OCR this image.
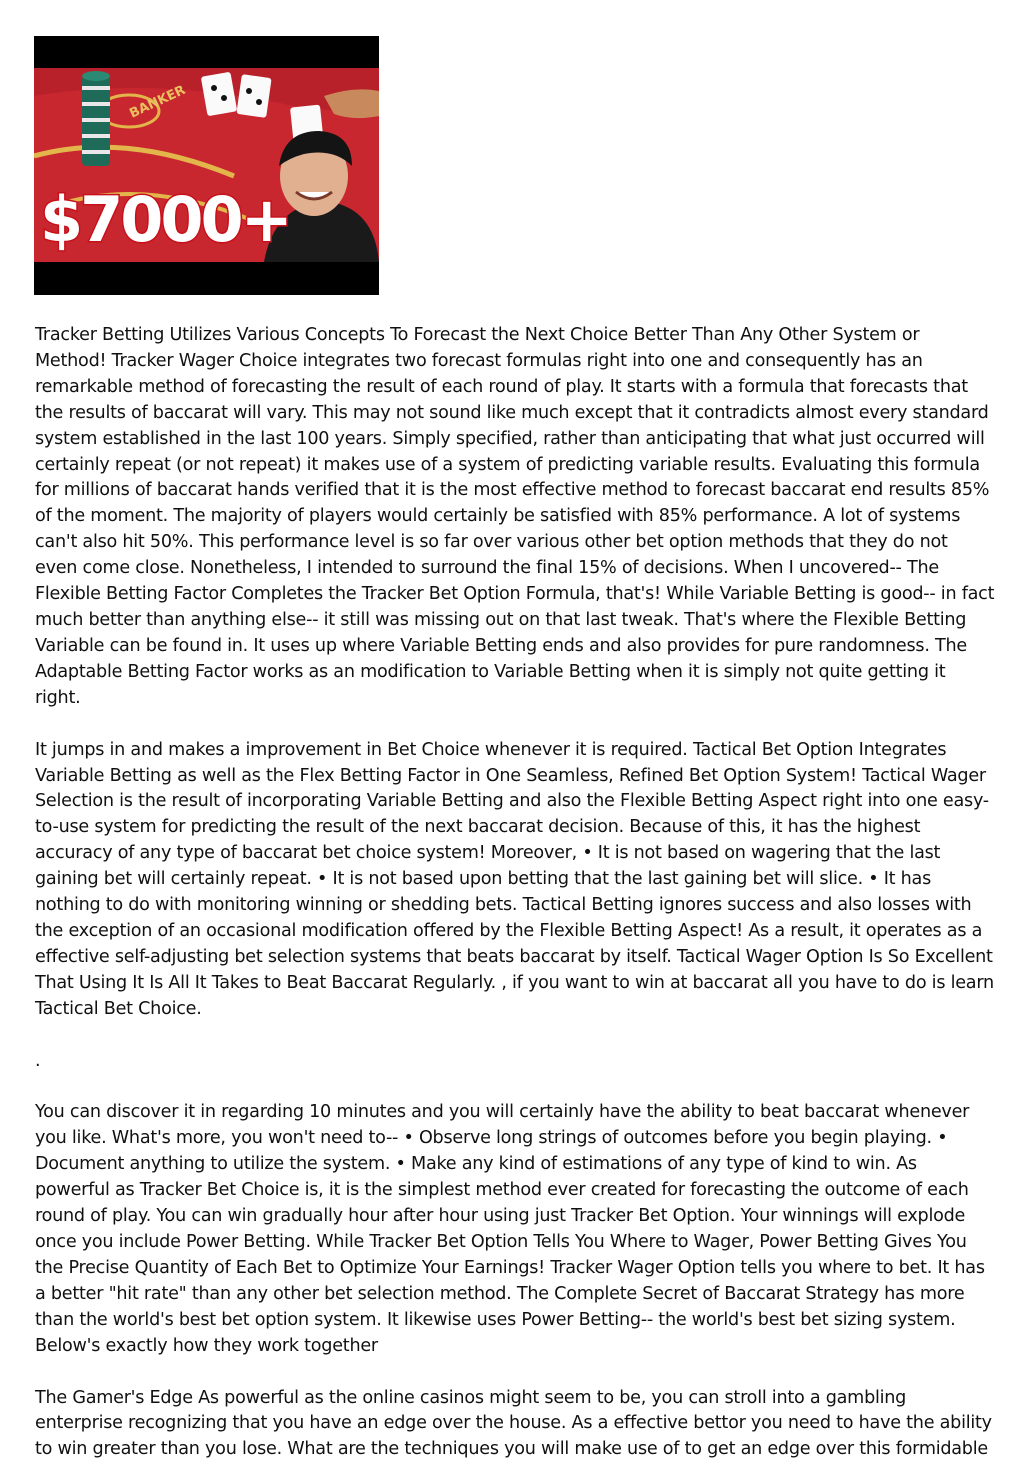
BANKER
$7000+

Tracker Betting Utilizes Various Concepts To Forecast the Next Choice Better Than Any Other System or Method! Tracker Wager Choice integrates two forecast formulas right into one and consequently has an remarkable method of forecasting the result of each round of play. It starts with a formula that forecasts that the results of baccarat will vary. This may not sound like much except that it contradicts almost every standard system established in the last 100 years. Simply specified, rather than anticipating that what just occurred will certainly repeat (or not repeat) it makes use of a system of predicting variable results. Evaluating this formula for millions of baccarat hands verified that it is the most effective method to forecast baccarat end results 85% of the moment. The majority of players would certainly be satisfied with 85% performance. A lot of systems can't also hit 50%. This performance level is so far over various other bet option methods that they do not even come close. Nonetheless, I intended to surround the final 15% of decisions. When I uncovered-- The Flexible Betting Factor Completes the Tracker Bet Option Formula, that's! While Variable Betting is good-- in fact much better than anything else-- it still was missing out on that last tweak. That's where the Flexible Betting Variable can be found in. It uses up where Variable Betting ends and also provides for pure randomness. The Adaptable Betting Factor works as an modification to Variable Betting when it is simply not quite getting it right.

It jumps in and makes a improvement in Bet Choice whenever it is required. Tactical Bet Option Integrates Variable Betting as well as the Flex Betting Factor in One Seamless, Refined Bet Option System! Tactical Wager Selection is the result of incorporating Variable Betting and also the Flexible Betting Aspect right into one easy-to-use system for predicting the result of the next baccarat decision. Because of this, it has the highest accuracy of any type of baccarat bet choice system! Moreover, • It is not based on wagering that the last gaining bet will certainly repeat. • It is not based upon betting that the last gaining bet will slice. • It has nothing to do with monitoring winning or shedding bets. Tactical Betting ignores success and also losses with the exception of an occasional modification offered by the Flexible Betting Aspect! As a result, it operates as a effective self-adjusting bet selection systems that beats baccarat by itself. Tactical Wager Option Is So Excellent That Using It Is All It Takes to Beat Baccarat Regularly. , if you want to win at baccarat all you have to do is learn Tactical Bet Choice.

.

You can discover it in regarding 10 minutes and you will certainly have the ability to beat baccarat whenever you like. What's more, you won't need to-- • Observe long strings of outcomes before you begin playing. • Document anything to utilize the system. • Make any kind of estimations of any type of kind to win. As powerful as Tracker Bet Choice is, it is the simplest method ever created for forecasting the outcome of each round of play. You can win gradually hour after hour using just Tracker Bet Option. Your winnings will explode once you include Power Betting. While Tracker Bet Option Tells You Where to Wager, Power Betting Gives You the Precise Quantity of Each Bet to Optimize Your Earnings! Tracker Wager Option tells you where to bet. It has a better "hit rate" than any other bet selection method. The Complete Secret of Baccarat Strategy has more than the world's best bet option system. It likewise uses Power Betting-- the world's best bet sizing system. Below's exactly how they work together

The Gamer's Edge As powerful as the online casinos might seem to be, you can stroll into a gambling enterprise recognizing that you have an edge over the house. As a effective bettor you need to have the ability to win greater than you lose. What are the techniques you will make use of to get an edge over this formidable
